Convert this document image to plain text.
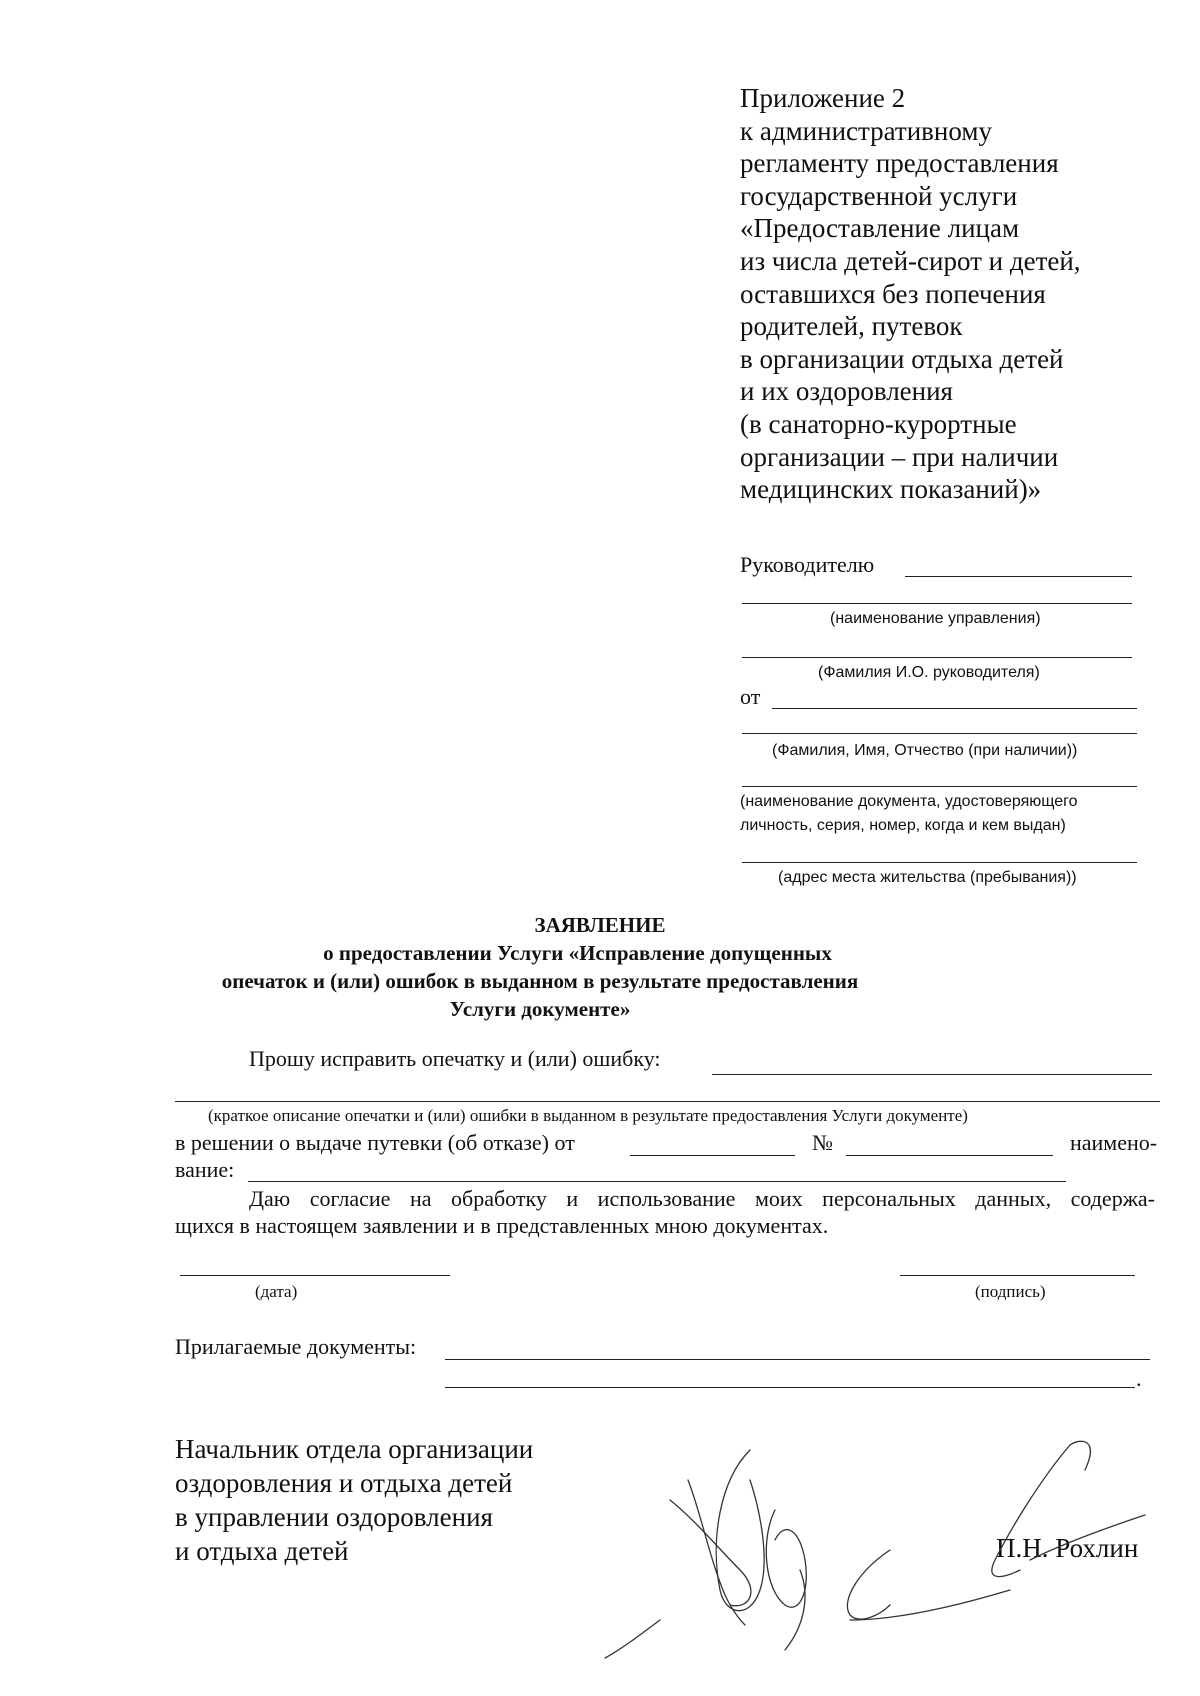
Приложение 2
к административному
регламенту предоставления
государственной услуги
«Предоставление лицам
из числа детей-сирот и детей,
оставшихся без попечения
родителей, путевок
в организации отдыха детей
и их оздоровления
(в санаторно-курортные
организации – при наличии
медицинских показаний)»
Руководителю
(наименование управления)
(Фамилия И.О. руководителя)
от
(Фамилия, Имя, Отчество (при наличии))
(наименование документа, удостоверяющего
личность, серия, номер, когда и кем выдан)
(адрес места жительства (пребывания))
ЗАЯВЛЕНИЕ
о предоставлении Услуги «Исправление допущенных
опечаток и (или) ошибок в выданном в результате предоставления
Услуги документе»
Прошу исправить опечатку и (или) ошибку:
(краткое описание опечатки и (или) ошибки в выданном в результате предоставления Услуги документе)
в решении о выдаче путевки (об отказе) от	№	наимено-
вание:
Даю согласие на обработку и использование моих персональных данных, содержа-
щихся в настоящем заявлении и в представленных мною документах.
(дата)	(подпись)
Прилагаемые документы:
.
Начальник отдела организации
оздоровления и отдыха детей
в управлении оздоровления
и отдыха детей	П.Н. Рохлин
